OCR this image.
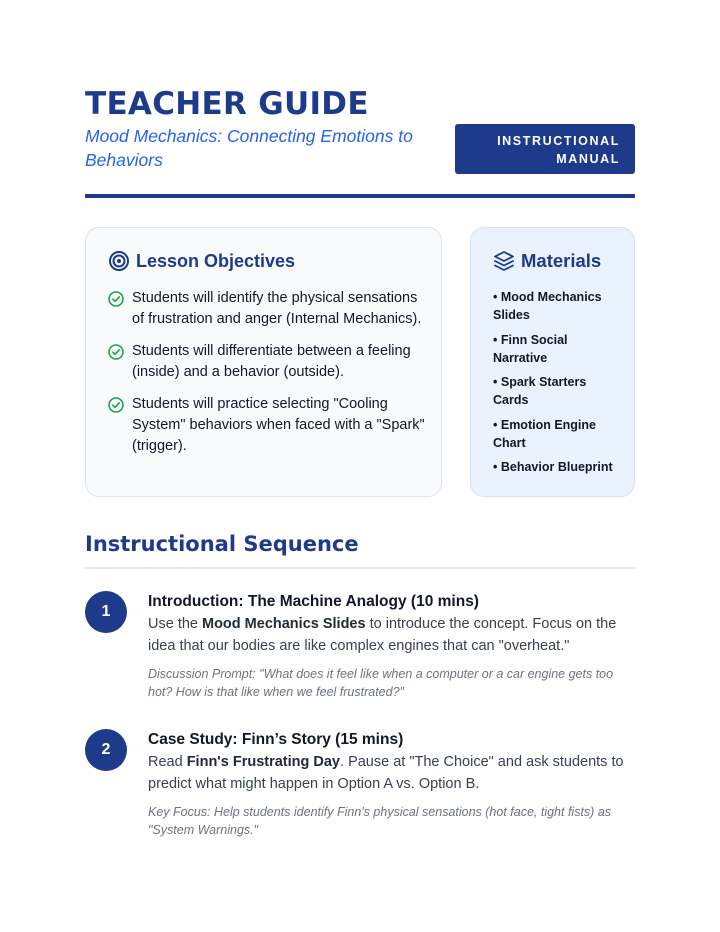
TEACHER GUIDE
Mood Mechanics: Connecting Emotions to Behaviors
INSTRUCTIONAL
MANUAL
Lesson Objectives
Students will identify the physical sensations of frustration and anger (Internal Mechanics).
Students will differentiate between a feeling (inside) and a behavior (outside).
Students will practice selecting "Cooling System" behaviors when faced with a "Spark" (trigger).
Materials
• Mood Mechanics Slides
• Finn Social Narrative
• Spark Starters Cards
• Emotion Engine Chart
• Behavior Blueprint
Instructional Sequence
1
Introduction: The Machine Analogy (10 mins)

Use the Mood Mechanics Slides to introduce the concept. Focus on the idea that our bodies are like complex engines that can "overheat."

Discussion Prompt: "What does it feel like when a computer or a car engine gets too hot? How is that like when we feel frustrated?"

2
Case Study: Finn’s Story (15 mins)

Read Finn's Frustrating Day. Pause at "The Choice" and ask students to predict what might happen in Option A vs. Option B.

Key Focus: Help students identify Finn's physical sensations (hot face, tight fists) as "System Warnings."
